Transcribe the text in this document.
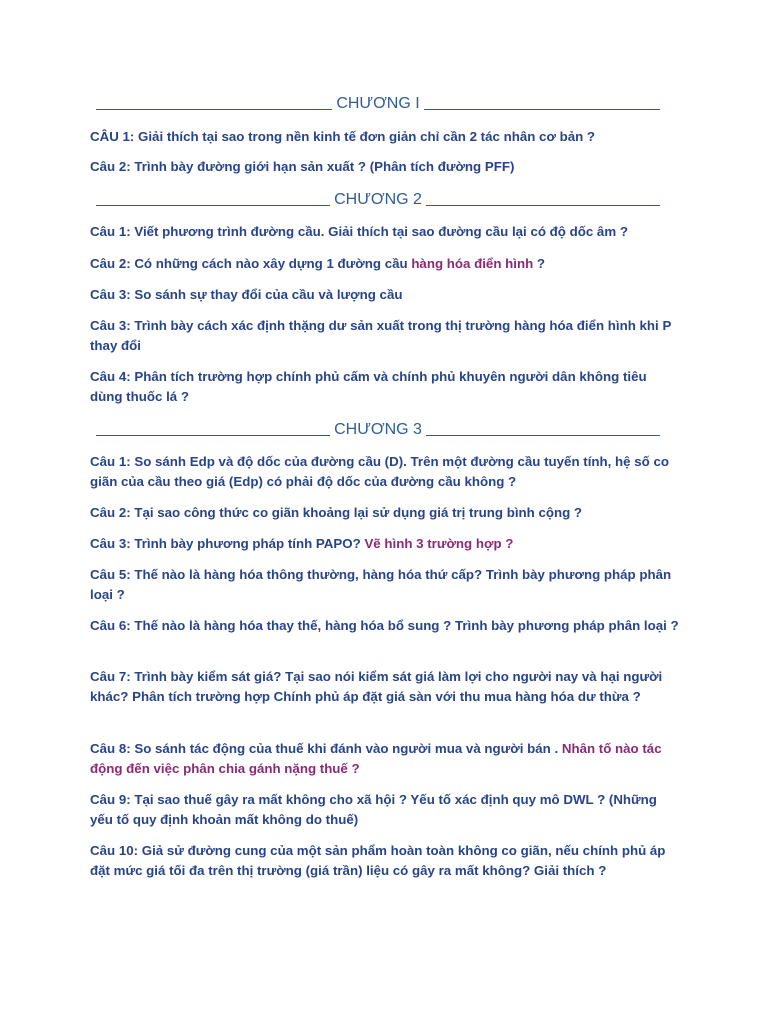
CHƯƠNG I

CÂU 1: Giải thích tại sao trong nền kinh tế đơn giản chỉ cần 2 tác nhân cơ bản ?

Câu 2: Trình bày đường giới hạn sản xuất ? (Phân tích đường PFF)

CHƯƠNG 2

Câu 1: Viết phương trình đường cầu. Giải thích tại sao đường cầu lại có độ dốc âm ?

Câu 2: Có những cách nào xây dựng 1 đường cầu hàng hóa điển hình ?

Câu 3: So sánh sự thay đổi của cầu và lượng cầu

Câu 3: Trình bày cách xác định thặng dư sản xuất trong thị trường hàng hóa điển hình khi P thay đổi

Câu 4: Phân tích trường hợp chính phủ cấm và chính phủ khuyên người dân không tiêu dùng thuốc lá ?

CHƯƠNG 3

Câu 1: So sánh Edp và độ dốc của đường cầu (D). Trên một đường cầu tuyến tính, hệ số co giãn của cầu theo giá (Edp) có phải độ dốc của đường cầu không ?

Câu 2: Tại sao công thức co giãn khoảng lại sử dụng giá trị trung bình cộng ?

Câu 3: Trình bày phương pháp tính PAPO? Vẽ hình 3 trường hợp ?

Câu 5: Thế nào là hàng hóa thông thường, hàng hóa thứ cấp? Trình bày phương pháp phân loại ?

Câu 6: Thế nào là hàng hóa thay thế, hàng hóa bổ sung ? Trình bày phương pháp phân loại ?

Câu 7: Trình bày kiểm sát giá? Tại sao nói kiểm sát giá làm lợi cho người nay và hại người khác? Phân tích trường hợp Chính phủ áp đặt giá sàn với thu mua hàng hóa dư thừa ?

Câu 8: So sánh tác động của thuế khi đánh vào người mua và người bán . Nhân tố nào tác động đến việc phân chia gánh nặng thuế ?

Câu 9: Tại sao thuế gây ra mất không cho xã hội ? Yếu tố xác định quy mô DWL ? (Những yếu tố quy định khoản mất không do thuế)

Câu 10: Giả sử đường cung của một sản phẩm hoàn toàn không co giãn, nếu chính phủ áp đặt mức giá tối đa trên thị trường (giá trần) liệu có gây ra mất không? Giải thích ?
